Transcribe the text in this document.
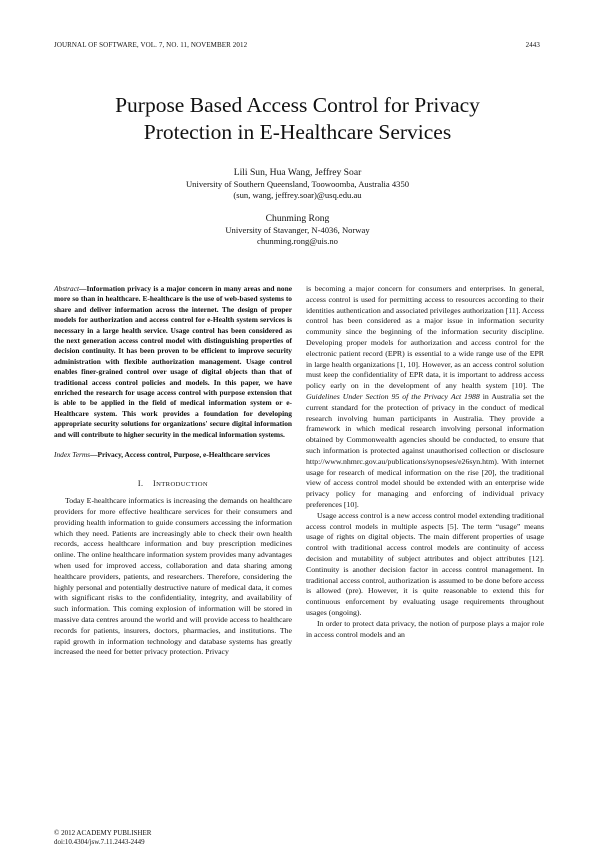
JOURNAL OF SOFTWARE, VOL. 7, NO. 11, NOVEMBER 2012	2443
Purpose Based Access Control for Privacy
Protection in E-Healthcare Services
Lili Sun, Hua Wang, Jeffrey Soar
University of Southern Queensland, Toowoomba, Australia 4350
(sun, wang, jeffrey.soar)@usq.edu.au
Chunming Rong
University of Stavanger, N-4036, Norway
chunming.rong@uis.no

Abstract—Information privacy is a major concern in many areas and none more so than in healthcare. E-healthcare is the use of web-based systems to share and deliver information across the internet. The design of proper models for authorization and access control for e-Health system services is necessary in a large health service. Usage control has been considered as the next generation access control model with distinguishing properties of decision continuity. It has been proven to be efficient to improve security administration with flexible authorization management. Usage control enables finer-grained control over usage of digital objects than that of traditional access control policies and models. In this paper, we have enriched the research for usage access control with purpose extension that is able to be applied in the field of medical information system or e-Healthcare system. This work provides a foundation for developing appropriate security solutions for organizations' secure digital information and will contribute to higher security in the medical information systems.

Index Terms—Privacy, Access control, Purpose, e-Healthcare services

I. INTRODUCTION

Today E-healthcare informatics is increasing the demands on healthcare providers for more effective healthcare services for their consumers and providing health information to guide consumers accessing the information which they need. Patients are increasingly able to check their own health records, access healthcare information and buy prescription medicines online. The online healthcare information system provides many advantages when used for improved access, collaboration and data sharing among healthcare providers, patients, and researchers. Therefore, considering the highly personal and potentially destructive nature of medical data, it comes with significant risks to the confidentiality, integrity, and availability of such information. This coming explosion of information will be stored in massive data centres around the world and will provide access to healthcare records for patients, insurers, doctors, pharmacies, and institutions. The rapid growth in information technology and database systems has greatly increased the need for better privacy protection. Privacy

is becoming a major concern for consumers and enterprises. In general, access control is used for permitting access to resources according to their identities authentication and associated privileges authorization [11]. Access control has been considered as a major issue in information security community since the beginning of the information security discipline. Developing proper models for authorization and access control for the electronic patient record (EPR) is essential to a wide range use of the EPR in large health organizations [1, 10]. However, as an access control solution must keep the confidentiality of EPR data, it is important to address access policy early on in the development of any health system [10]. The Guidelines Under Section 95 of the Privacy Act 1988 in Australia set the current standard for the protection of privacy in the conduct of medical research involving human participants in Australia. They provide a framework in which medical research involving personal information obtained by Commonwealth agencies should be conducted, to ensure that such information is protected against unauthorised collection or disclosure http://www.nhmrc.gov.au/publications/synopses/e26syn.htm). With internet usage for research of medical information on the rise [20], the traditional view of access control model should be extended with an enterprise wide privacy policy for managing and enforcing of individual privacy preferences [10].

Usage access control is a new access control model extending traditional access control models in multiple aspects [5]. The term “usage” means usage of rights on digital objects. The main different properties of usage control with traditional access control models are continuity of access decision and mutability of subject attributes and object attributes [12]. Continuity is another decision factor in access control management. In traditional access control, authorization is assumed to be done before access is allowed (pre). However, it is quite reasonable to extend this for continuous enforcement by evaluating usage requirements throughout usages (ongoing).

In order to protect data privacy, the notion of purpose plays a major role in access control models and an

© 2012 ACADEMY PUBLISHER
doi:10.4304/jsw.7.11.2443-2449
